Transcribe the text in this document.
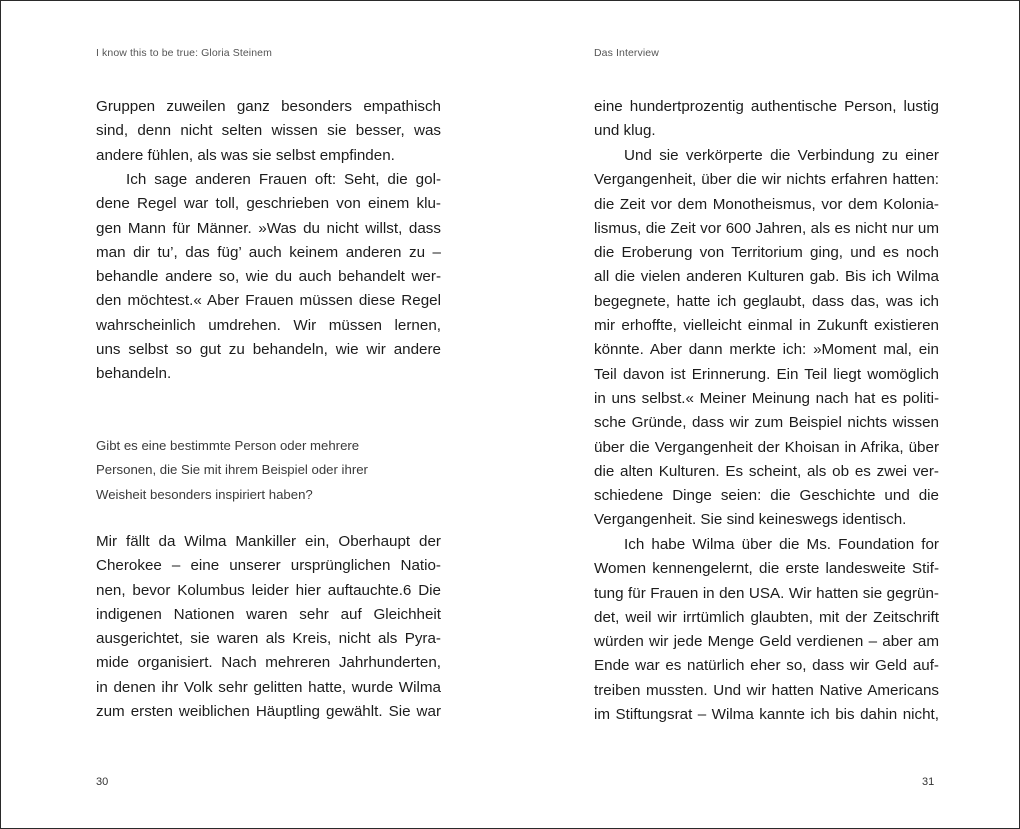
I know this to be true: Gloria Steinem
Gruppen zuweilen ganz besonders empathisch
sind, denn nicht selten wissen sie besser, was
andere fühlen, als was sie selbst empfinden.
Ich sage anderen Frauen oft: Seht, die gol-
dene Regel war toll, geschrieben von einem klu-
gen Mann für Männer. »Was du nicht willst, dass
man dir tu’, das füg’ auch keinem anderen zu –
behandle andere so, wie du auch behandelt wer-
den möchtest.« Aber Frauen müssen diese Regel
wahrscheinlich umdrehen. Wir müssen lernen,
uns selbst so gut zu behandeln, wie wir andere
behandeln.
Gibt es eine bestimmte Person oder mehrere
Personen, die Sie mit ihrem Beispiel oder ihrer
Weisheit besonders inspiriert haben?
Mir fällt da Wilma Mankiller ein, Oberhaupt der
Cherokee – eine unserer ursprünglichen Natio-
nen, bevor Kolumbus leider hier auftauchte.6 Die
indigenen Nationen waren sehr auf Gleichheit
ausgerichtet, sie waren als Kreis, nicht als Pyra-
mide organisiert. Nach mehreren Jahrhunderten,
in denen ihr Volk sehr gelitten hatte, wurde Wilma
zum ersten weiblichen Häuptling gewählt. Sie war
30
Das Interview
eine hundertprozentig authentische Person, lustig
und klug.
Und sie verkörperte die Verbindung zu einer
Vergangenheit, über die wir nichts erfahren hatten:
die Zeit vor dem Monotheismus, vor dem Kolonia-
lismus, die Zeit vor 600 Jahren, als es nicht nur um
die Eroberung von Territorium ging, und es noch
all die vielen anderen Kulturen gab. Bis ich Wilma
begegnete, hatte ich geglaubt, dass das, was ich
mir erhoffte, vielleicht einmal in Zukunft existieren
könnte. Aber dann merkte ich: »Moment mal, ein
Teil davon ist Erinnerung. Ein Teil liegt womöglich
in uns selbst.« Meiner Meinung nach hat es politi-
sche Gründe, dass wir zum Beispiel nichts wissen
über die Vergangenheit der Khoisan in Afrika, über
die alten Kulturen. Es scheint, als ob es zwei ver-
schiedene Dinge seien: die Geschichte und die
Vergangenheit. Sie sind keineswegs identisch.
Ich habe Wilma über die Ms. Foundation for
Women kennengelernt, die erste landesweite Stif-
tung für Frauen in den USA. Wir hatten sie gegrün-
det, weil wir irrtümlich glaubten, mit der Zeitschrift
würden wir jede Menge Geld verdienen – aber am
Ende war es natürlich eher so, dass wir Geld auf-
treiben mussten. Und wir hatten Native Americans
im Stiftungsrat – Wilma kannte ich bis dahin nicht,
31
